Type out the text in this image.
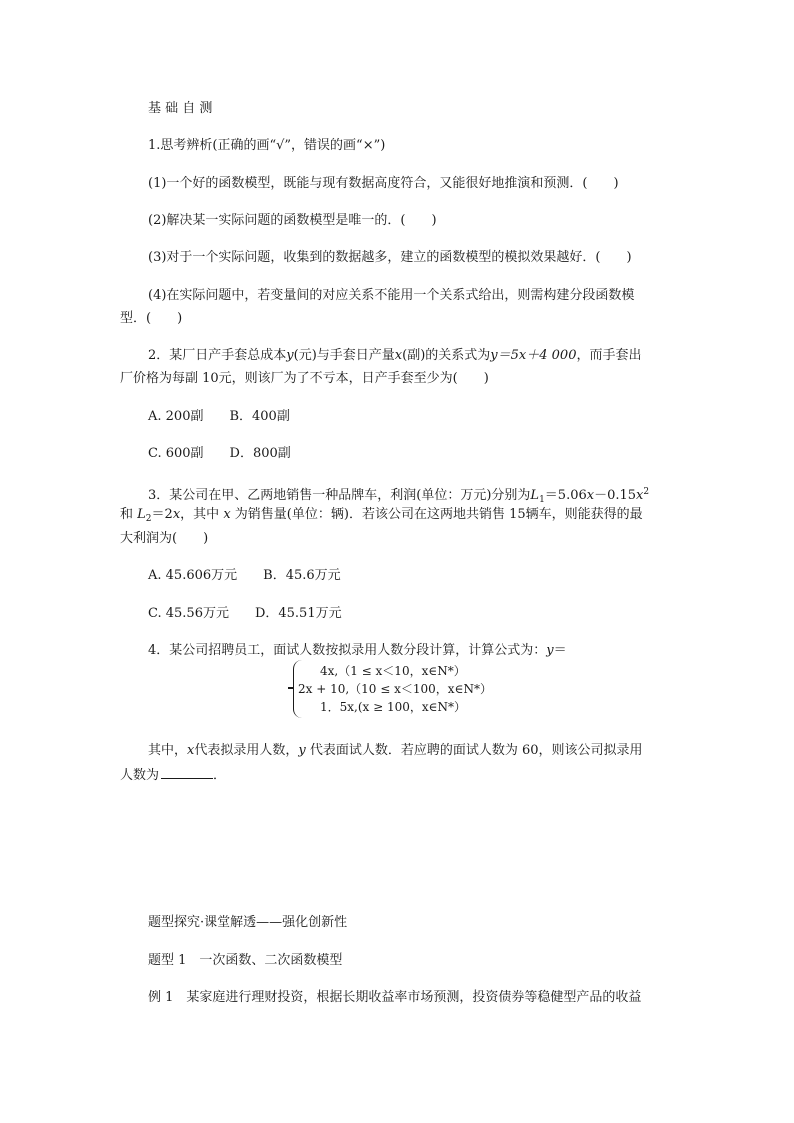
基 础 自 测
1.思考辨析(正确的画“√”，错误的画“×”)
(1)一个好的函数模型，既能与现有数据高度符合，又能很好地推演和预测．(　　)
(2)解决某一实际问题的函数模型是唯一的．(　　)
(3)对于一个实际问题，收集到的数据越多，建立的函数模型的模拟效果越好．(　　)
(4)在实际问题中，若变量间的对应关系不能用一个关系式给出，则需构建分段函数模
型．(　　)
2．某厂日产手套总成本y(元)与手套日产量x(副)的关系式为y＝5x＋4 000，而手套出
厂价格为每副 10元，则该厂为了不亏本，日产手套至少为(　　)
A. 200副　　B．400副
C. 600副　　D．800副
3．某公司在甲、乙两地销售一种品牌车，利润(单位：万元)分别为$L_1=5.06x-0.15x^2$
和 $L_2=2x$，其中 x 为销售量(单位：辆)．若该公司在这两地共销售 15辆车，则能获得的最
大利润为(　　)
A. 45.606万元　　B．45.6万元
C. 45.56万元　　D．45.51万元
4．某公司招聘员工，面试人数按拟录用人数分段计算，计算公式为：y＝
4x,（1 ≤ x＜10，x∈N*）
2x + 10,（10 ≤ x＜100，x∈N*）
1．5x,(x ≥ 100，x∈N*）
其中，x代表拟录用人数，y 代表面试人数．若应聘的面试人数为 60，则该公司拟录用
人数为	．
题型探究·课堂解透——强化创新性
题型 1　一次函数、二次函数模型
例 1　某家庭进行理财投资，根据长期收益率市场预测，投资债券等稳健型产品的收益
